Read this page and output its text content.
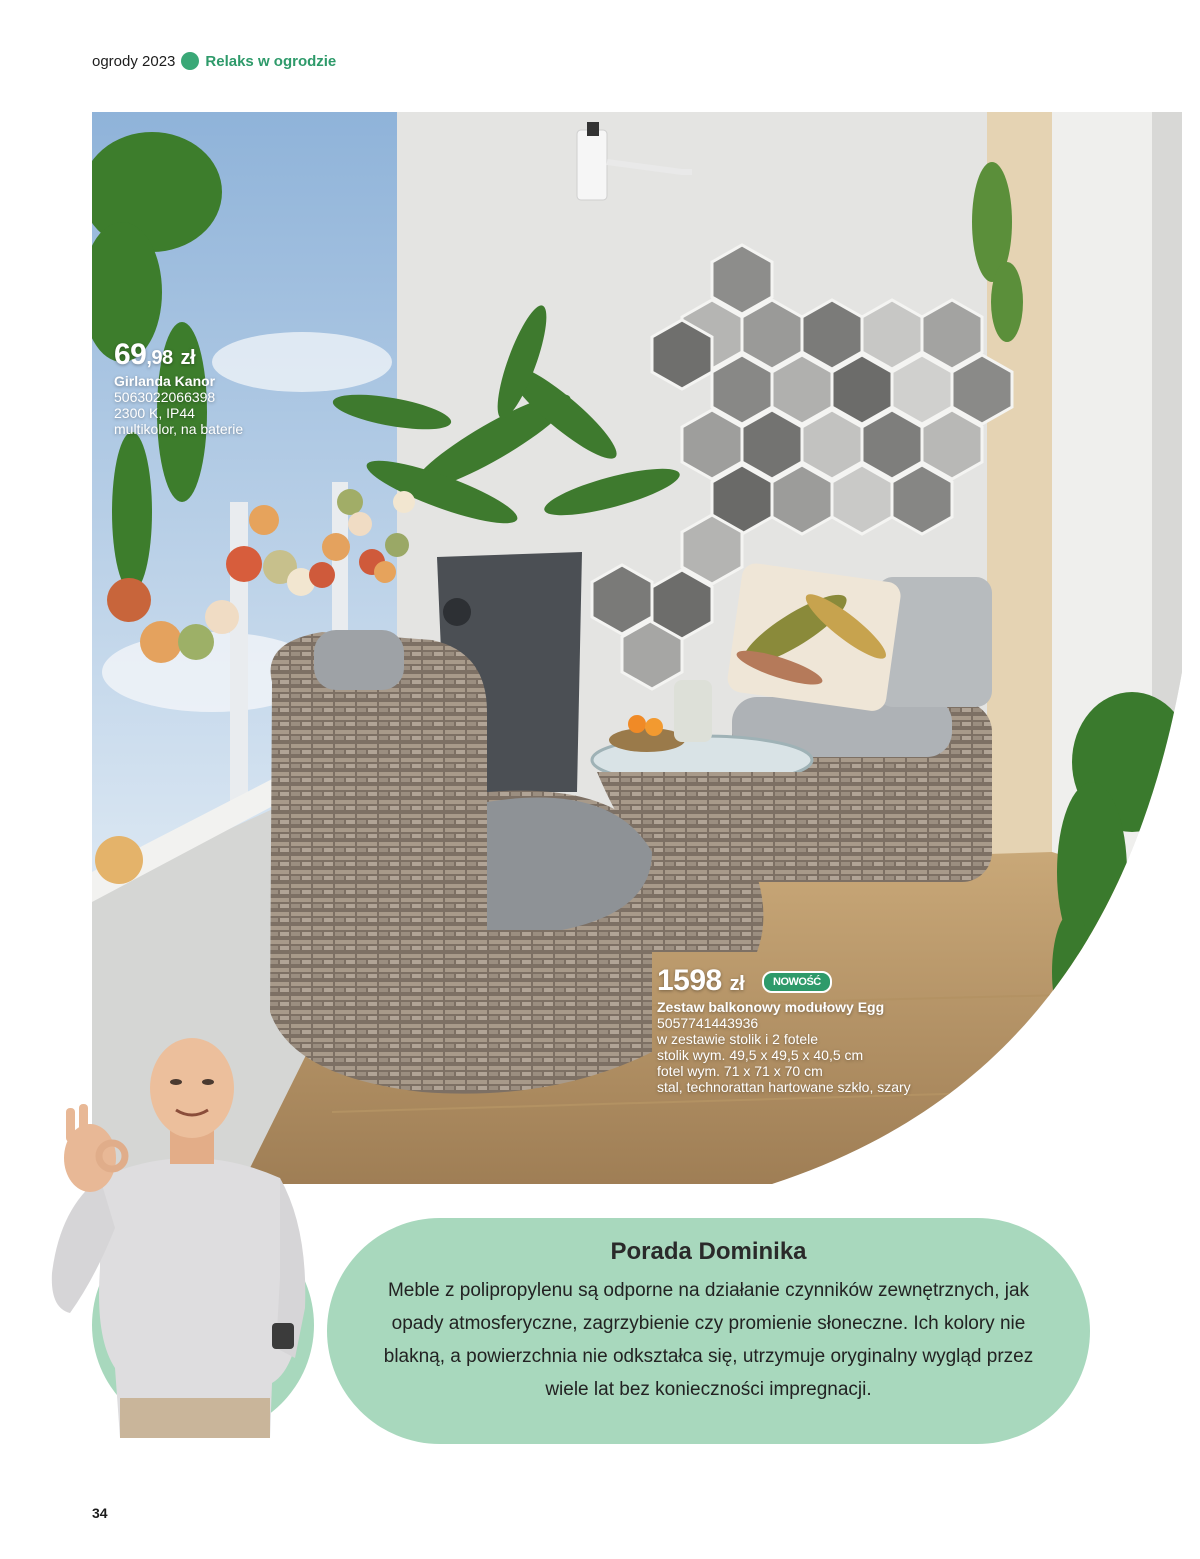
ogrody 2023 Relaks w ogrodzie
69,98 zł
Girlanda Kanor
5063022066398
2300 K, IP44
multikolor, na baterie
1598 zł	NOWOŚĆ
Zestaw balkonowy modułowy Egg
5057741443936
w zestawie stolik i 2 fotele
stolik wym. 49,5 x 49,5 x 40,5 cm
fotel wym. 71 x 71 x 70 cm
stal, technorattan hartowane szkło, szary
Porada Dominika
Meble z polipropylenu są odporne na działanie czynników zewnętrznych, jak opady atmosferyczne, zagrzybienie czy promienie słoneczne. Ich kolory nie blakną, a powierzchnia nie odkształca się, utrzymuje oryginalny wygląd przez wiele lat bez konieczności impregnacji.
34
